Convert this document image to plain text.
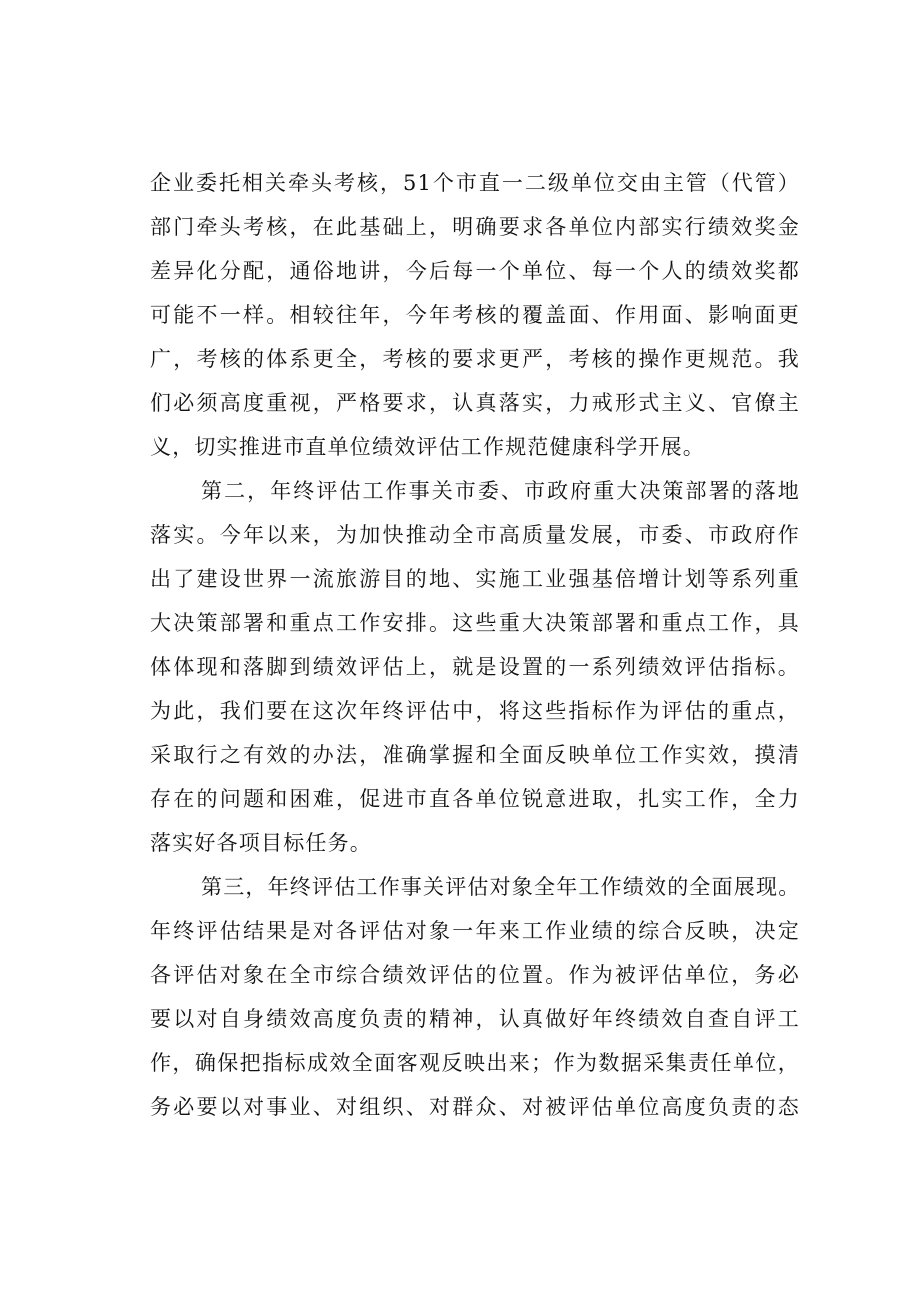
企业委托相关牵头考核，51个市直一二级单位交由主管（代管）
部门牵头考核，在此基础上，明确要求各单位内部实行绩效奖金
差异化分配，通俗地讲，今后每一个单位、每一个人的绩效奖都
可能不一样。相较往年，今年考核的覆盖面、作用面、影响面更
广，考核的体系更全，考核的要求更严，考核的操作更规范。我
们必须高度重视，严格要求，认真落实，力戒形式主义、官僚主
义，切实推进市直单位绩效评估工作规范健康科学开展。
第二，年终评估工作事关市委、市政府重大决策部署的落地
落实。今年以来，为加快推动全市高质量发展，市委、市政府作
出了建设世界一流旅游目的地、实施工业强基倍增计划等系列重
大决策部署和重点工作安排。这些重大决策部署和重点工作，具
体体现和落脚到绩效评估上，就是设置的一系列绩效评估指标。
为此，我们要在这次年终评估中，将这些指标作为评估的重点，
采取行之有效的办法，准确掌握和全面反映单位工作实效，摸清
存在的问题和困难，促进市直各单位锐意进取，扎实工作，全力
落实好各项目标任务。
第三，年终评估工作事关评估对象全年工作绩效的全面展现。
年终评估结果是对各评估对象一年来工作业绩的综合反映，决定
各评估对象在全市综合绩效评估的位置。作为被评估单位，务必
要以对自身绩效高度负责的精神，认真做好年终绩效自查自评工
作，确保把指标成效全面客观反映出来；作为数据采集责任单位，
务必要以对事业、对组织、对群众、对被评估单位高度负责的态
